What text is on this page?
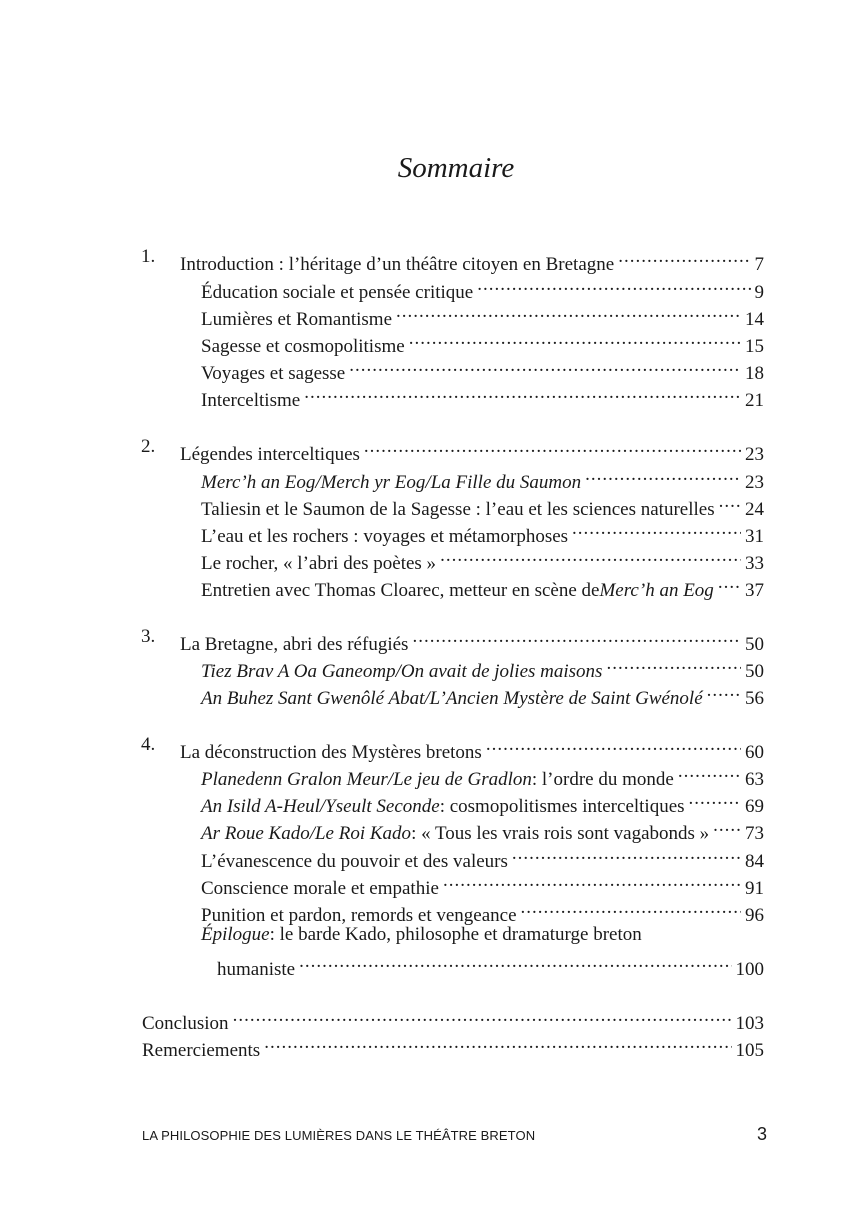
Sommaire
1. Introduction : l’héritage d’un théâtre citoyen en Bretagne .....	7
Éducation sociale et pensée critique .....	9
Lumières et Romantisme .....	14
Sagesse et cosmopolitisme .....	15
Voyages et sagesse .....	18
Interceltisme .....	21
2. Légendes interceltiques .....	23
Merc’h an Eog/Merch yr Eog/La Fille du Saumon .....	23
Taliesin et le Saumon de la Sagesse : l’eau et les sciences naturelles ..... 24
L’eau et les rochers : voyages et métamorphoses .....	31
Le rocher, « l’abri des poètes » .....	33
Entretien avec Thomas Cloarec, metteur en scène de Merc’h an Eog ..... 37
3. La Bretagne, abri des réfugiés .....	50
Tiez Brav A Oa Ganeomp/On avait de jolies maisons .....	50
An Buhez Sant Gwenôlé Abat/L’Ancien Mystère de Saint Gwénolé ..... 56
4. La déconstruction des Mystères bretons .....	60
Planedenn Gralon Meur/Le jeu de Gradlon : l’ordre du monde .....	63
An Isild A-Heul/Yseult Seconde : cosmopolitismes interceltiques .....	69
Ar Roue Kado/Le Roi Kado : « Tous les vrais rois sont vagabonds » ..... 73
L’évanescence du pouvoir et des valeurs .....	84
Conscience morale et empathie .....	91
Punition et pardon, remords et vengeance .....	96
Épilogue : le barde Kado, philosophe et dramaturge breton
humaniste .....	100
Conclusion .....	103
Remerciements .....	105
LA PHILOSOPHIE DES LUMIÈRES DANS LE THÉÂTRE BRETON	3
